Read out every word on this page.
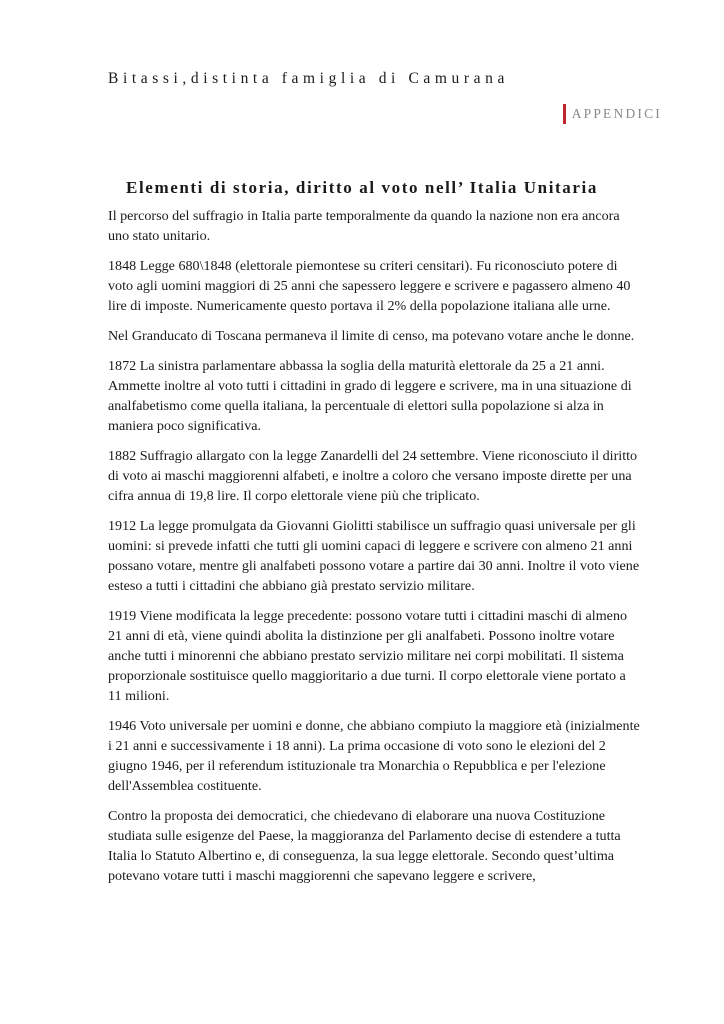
Bitassi,distinta famiglia di Camurana
APPENDICI
Elementi di storia, diritto al voto nell’ Italia Unitaria

Il percorso del suffragio in Italia parte temporalmente da quando la nazione non era ancora uno stato unitario.

1848 Legge 680\1848 (elettorale piemontese su criteri censitari). Fu riconosciuto potere di voto agli uomini maggiori di 25 anni che sapessero leggere e scrivere e pagassero almeno 40 lire di imposte. Numericamente questo portava il 2% della popolazione italiana alle urne.

Nel Granducato di Toscana permaneva il limite di censo, ma potevano votare anche le donne.

1872 La sinistra parlamentare abbassa la soglia della maturità elettorale da 25 a 21 anni. Ammette inoltre al voto tutti i cittadini in grado di leggere e scrivere, ma in una situazione di analfabetismo come quella italiana, la percentuale di elettori sulla popolazione si alza in maniera poco significativa.

1882 Suffragio allargato con la legge Zanardelli del 24 settembre. Viene riconosciuto il diritto di voto ai maschi maggiorenni alfabeti, e inoltre a coloro che versano imposte dirette per una cifra annua di 19,8 lire. Il corpo elettorale viene più che triplicato.

1912 La legge promulgata da Giovanni Giolitti stabilisce un suffragio quasi universale per gli uomini: si prevede infatti che tutti gli uomini capaci di leggere e scrivere con almeno 21 anni possano votare, mentre gli analfabeti possono votare a partire dai 30 anni. Inoltre il voto viene esteso a tutti i cittadini che abbiano già prestato servizio militare.

1919 Viene modificata la legge precedente: possono votare tutti i cittadini maschi di almeno 21 anni di età, viene quindi abolita la distinzione per gli analfabeti. Possono inoltre votare anche tutti i minorenni che abbiano prestato servizio militare nei corpi mobilitati. Il sistema proporzionale sostituisce quello maggioritario a due turni. Il corpo elettorale viene portato a 11 milioni.

1946 Voto universale per uomini e donne, che abbiano compiuto la maggiore età (inizialmente i 21 anni e successivamente i 18 anni). La prima occasione di voto sono le elezioni del 2 giugno 1946, per il referendum istituzionale tra Monarchia o Repubblica e per l'elezione dell'Assemblea costituente.

Contro la proposta dei democratici, che chiedevano di elaborare una nuova Costituzione studiata sulle esigenze del Paese, la maggioranza del Parlamento decise di estendere a tutta Italia lo Statuto Albertino e, di conseguenza, la sua legge elettorale. Secondo quest’ultima potevano votare tutti i maschi maggiorenni che sapevano leggere e scrivere,
